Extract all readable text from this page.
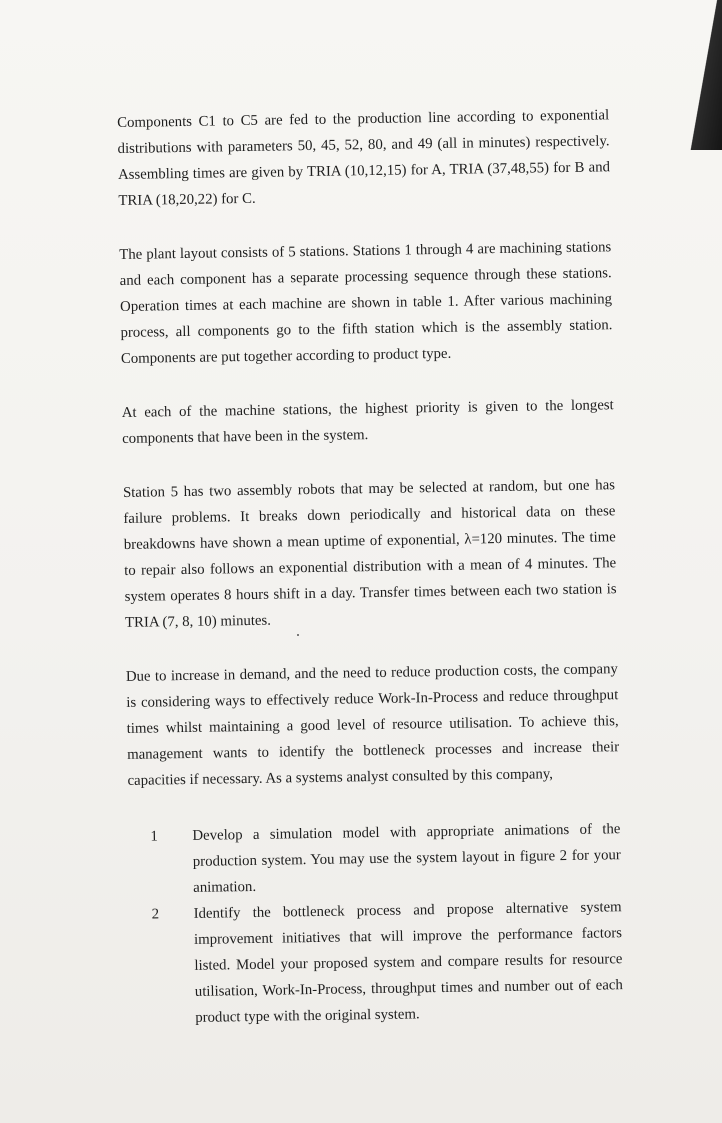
Components C1 to C5 are fed to the production line according to exponential distributions with parameters 50, 45, 52, 80, and 49 (all in minutes) respectively. Assembling times are given by TRIA (10,12,15) for A, TRIA (37,48,55) for B and TRIA (18,20,22) for C.

The plant layout consists of 5 stations. Stations 1 through 4 are machining stations and each component has a separate processing sequence through these stations. Operation times at each machine are shown in table 1. After various machining process, all components go to the fifth station which is the assembly station. Components are put together according to product type.

At each of the machine stations, the highest priority is given to the longest components that have been in the system.

Station 5 has two assembly robots that may be selected at random, but one has failure problems. It breaks down periodically and historical data on these breakdowns have shown a mean uptime of exponential, λ=120 minutes. The time to repair also follows an exponential distribution with a mean of 4 minutes. The system operates 8 hours shift in a day. Transfer times between each two station is TRIA (7, 8, 10) minutes.

Due to increase in demand, and the need to reduce production costs, the company is considering ways to effectively reduce Work-In-Process and reduce throughput times whilst maintaining a good level of resource utilisation. To achieve this, management wants to identify the bottleneck processes and increase their capacities if necessary. As a systems analyst consulted by this company,

1	Develop a simulation model with appropriate animations of the production system. You may use the system layout in figure 2 for your animation.
2	Identify the bottleneck process and propose alternative system improvement initiatives that will improve the performance factors listed. Model your proposed system and compare results for resource utilisation, Work-In-Process, throughput times and number out of each product type with the original system.
